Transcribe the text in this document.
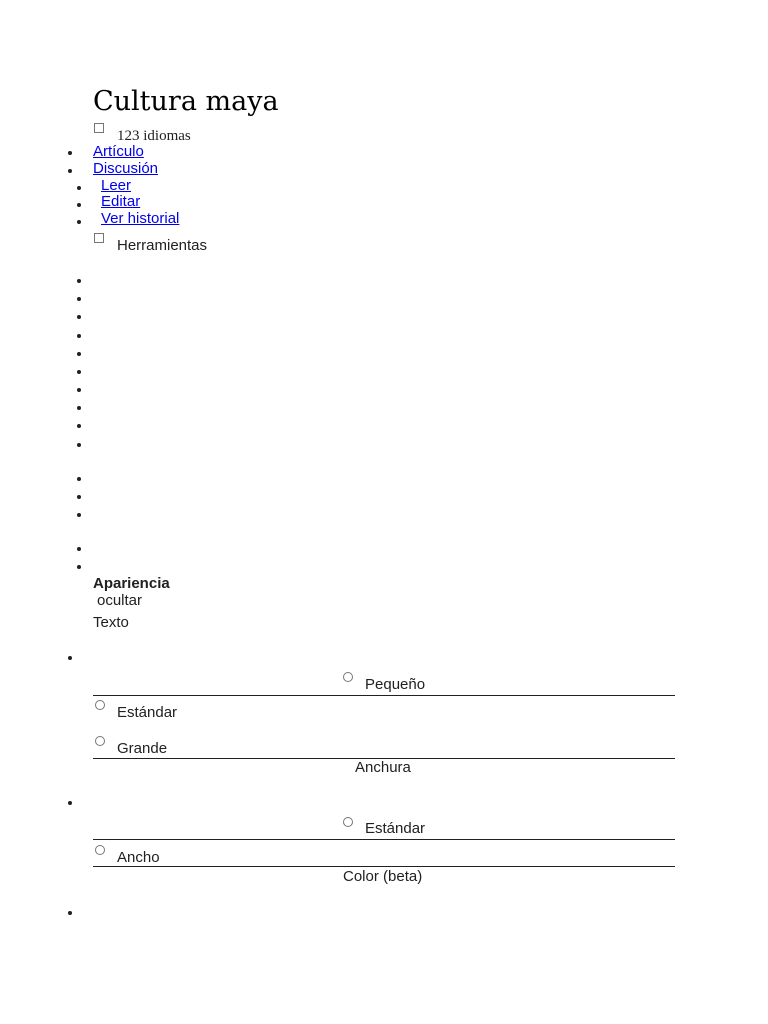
Cultura maya
123 idiomas
Artículo
Discusión
Leer
Editar
Ver historial
Herramientas
Apariencia
ocultar
Texto
Pequeño
Estándar
Grande
Anchura
Estándar
Ancho
Color (beta)
